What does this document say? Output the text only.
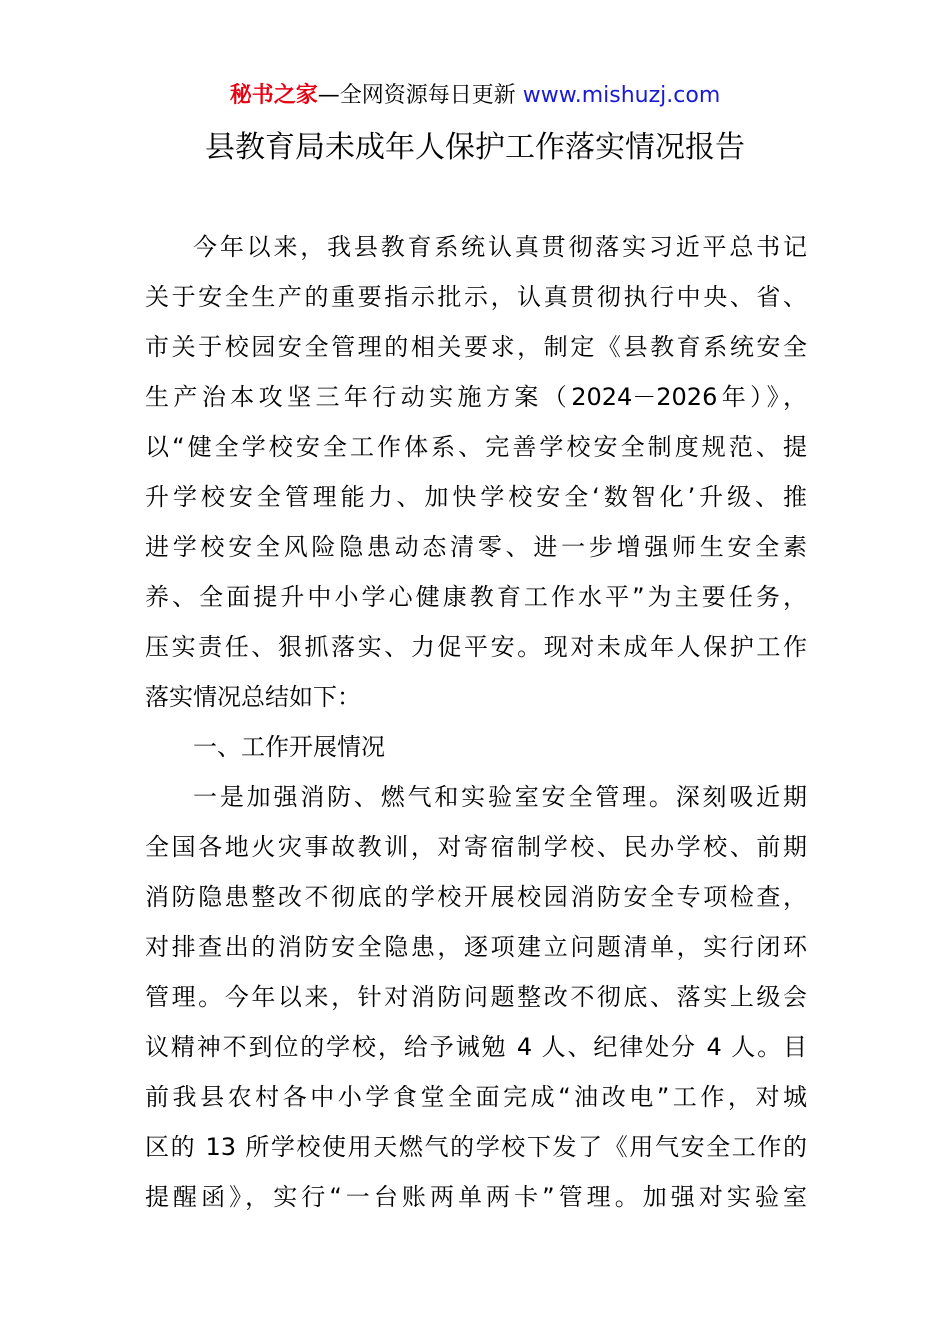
秘书之家—全网资源每日更新 www.mishuzj.com
县教育局未成年人保护工作落实情况报告
今年以来，我县教育系统认真贯彻落实习近平总书记
关于安全生产的重要指示批示，认真贯彻执行中央、省、
市关于校园安全管理的相关要求，制定《县教育系统安全
生产治本攻坚三年行动实施方案（2024－2026年）》，
以“健全学校安全工作体系、完善学校安全制度规范、提
升学校安全管理能力、加快学校安全‘数智化’升级、推
进学校安全风险隐患动态清零、进一步增强师生安全素
养、全面提升中小学心健康教育工作水平”为主要任务，
压实责任、狠抓落实、力促平安。现对未成年人保护工作
落实情况总结如下：
一、工作开展情况
一是加强消防、燃气和实验室安全管理。深刻吸近期
全国各地火灾事故教训，对寄宿制学校、民办学校、前期
消防隐患整改不彻底的学校开展校园消防安全专项检查，
对排查出的消防安全隐患，逐项建立问题清单，实行闭环
管理。今年以来，针对消防问题整改不彻底、落实上级会
议精神不到位的学校，给予诫勉 4 人、纪律处分 4 人。目
前我县农村各中小学食堂全面完成“油改电”工作，对城
区的 13 所学校使用天燃气的学校下发了《用气安全工作的
提醒函》，实行“一台账两单两卡”管理。加强对实验室
